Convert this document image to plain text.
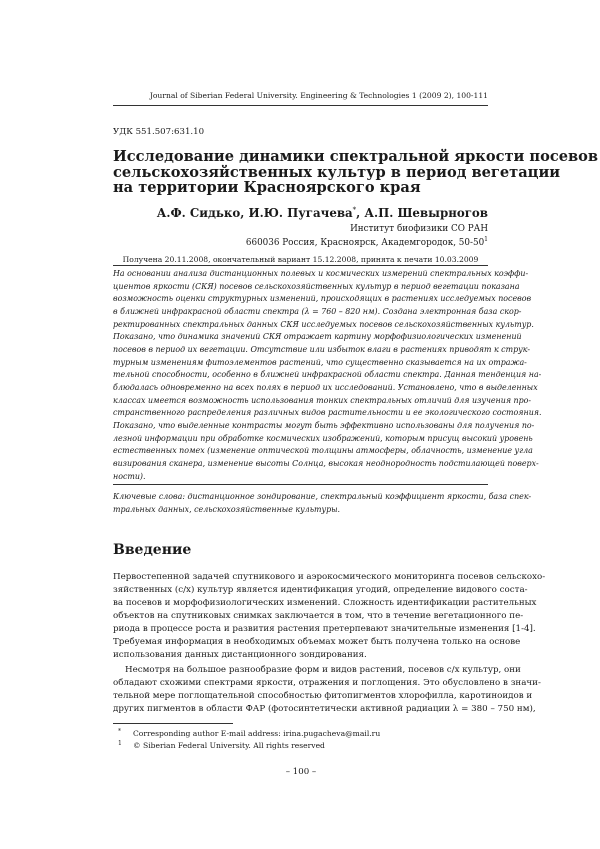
Journal of Siberian Federal University. Engineering & Technologies 1 (2009 2), 100-111
УДК 551.507:631.10
Исследование динамики спектральной яркости посевов
сельскохозяйственных культур в период вегетации
на территории Красноярского края
А.Ф. Сидько, И.Ю. Пугачева*, А.П. Шевырногов
Институт биофизики СО РАН
660036 Россия, Красноярск, Академгородок, $50-50^1$
Получена 20.11.2008, окончательный вариант 15.12.2008, принята к печати 10.03.2009
На основании анализа дистанционных полевых и космических измерений спектральных коэффи-
циентов яркости (СКЯ) посевов сельскохозяйственных культур в период вегетации показана
возможность оценки структурных изменений, происходящих в растениях исследуемых посевов
в ближней инфракрасной области спектра (λ = 760 – 820 нм). Создана электронная база скор-
ректированных спектральных данных СКЯ исследуемых посевов сельскохозяйственных культур.
Показано, что динамика значений СКЯ отражает картину морфофизиологических изменений
посевов в период их вегетации. Отсутствие или избыток влаги в растениях приводят к струк-
турным изменениям фитоэлементов растений, что существенно сказывается на их отража-
тельной способности, особенно в ближней инфракрасной области спектра. Данная тенденция на-
блюдалась одновременно на всех полях в период их исследований. Установлено, что в выделенных
классах имеется возможность использования тонких спектральных отличий для изучения про-
странственного распределения различных видов растительности и ее экологического состояния.
Показано, что выделенные контрасты могут быть эффективно использованы для получения по-
лезной информации при обработке космических изображений, которым присущ высокий уровень
естественных помех (изменение оптической толщины атмосферы, облачность, изменение угла
визирования сканера, изменение высоты Солнца, высокая неоднородность подстилающей поверх-
ности).
Ключевые слова: дистанционное зондирование, спектральный коэффициент яркости, база спек-
тральных данных, сельскохозяйственные культуры.
Введение
Первостепенной задачей спутникового и аэрокосмического мониторинга посевов сельскохо-
зяйственных (с/х) культур является идентификация угодий, определение видового соста-
ва посевов и морфофизиологических изменений. Сложность идентификации растительных
объектов на спутниковых снимках заключается в том, что в течение вегетационного пе-
риода в процессе роста и развития растения претерпевают значительные изменения [1-4].
Требуемая информация в необходимых объемах может быть получена только на основе
использования данных дистанционного зондирования.
Несмотря на большое разнообразие форм и видов растений, посевов с/х культур, они
обладают схожими спектрами яркости, отражения и поглощения. Это обусловлено в значи-
тельной мере поглощательной способностью фитопигментов хлорофилла, каротиноидов и
других пигментов в области ФАР (фотосинтетически активной радиации λ = 380 – 750 нм),
* Corresponding author E-mail address: irina.pugacheva@mail.ru
1 © Siberian Federal University. All rights reserved
– 100 –
